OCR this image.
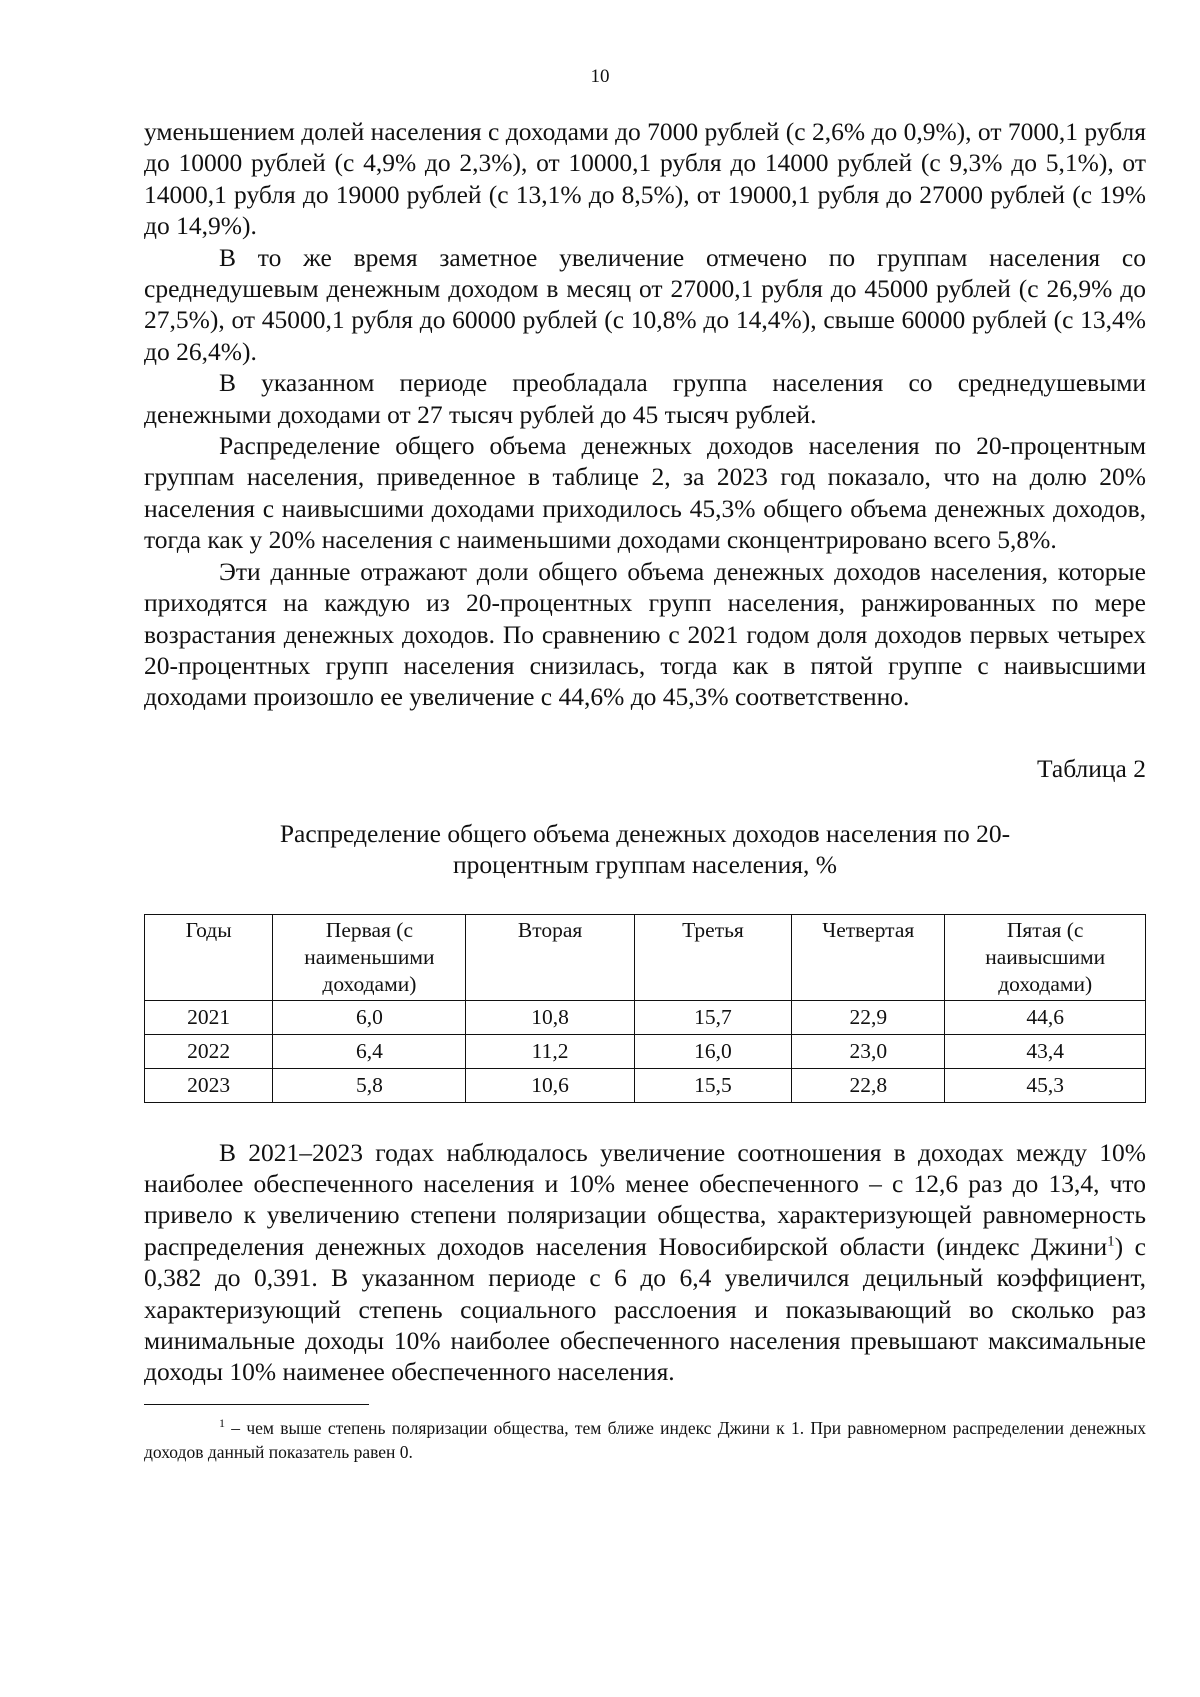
10

уменьшением долей населения с доходами до 7000 рублей (с 2,6% до 0,9%), от 7000,1 рубля до 10000 рублей (с 4,9% до 2,3%), от 10000,1 рубля до 14000 рублей (с 9,3% до 5,1%), от 14000,1 рубля до 19000 рублей (с 13,1% до 8,5%), от 19000,1 рубля до 27000 рублей (с 19% до 14,9%).

В то же время заметное увеличение отмечено по группам населения со среднедушевым денежным доходом в месяц от 27000,1 рубля до 45000 рублей (с 26,9% до 27,5%), от 45000,1 рубля до 60000 рублей (с 10,8% до 14,4%), свыше 60000 рублей (с 13,4% до 26,4%).

В указанном периоде преобладала группа населения со среднедушевыми денежными доходами от 27 тысяч рублей до 45 тысяч рублей.

Распределение общего объема денежных доходов населения по 20-процентным группам населения, приведенное в таблице 2, за 2023 год показало, что на долю 20% населения с наивысшими доходами приходилось 45,3% общего объема денежных доходов, тогда как у 20% населения с наименьшими доходами сконцентрировано всего 5,8%.

Эти данные отражают доли общего объема денежных доходов населения, которые приходятся на каждую из 20-процентных групп населения, ранжированных по мере возрастания денежных доходов. По сравнению с 2021 годом доля доходов первых четырех 20-процентных групп населения снизилась, тогда как в пятой группе с наивысшими доходами произошло ее увеличение с 44,6% до 45,3% соответственно.

Таблица 2
Распределение общего объема денежных доходов населения по 20-процентным группам населения, %
Годы	Первая (с наименьшими доходами)	Вторая	Третья	Четвертая	Пятая (с наивысшими доходами)
2021	6,0	10,8	15,7	22,9	44,6
2022	6,4	11,2	16,0	23,0	43,4
2023	5,8	10,6	15,5	22,8	45,3

В 2021–2023 годах наблюдалось увеличение соотношения в доходах между 10% наиболее обеспеченного населения и 10% менее обеспеченного – с 12,6 раз до 13,4, что привело к увеличению степени поляризации общества, характеризующей равномерность распределения денежных доходов населения Новосибирской области (индекс Джини$^1$) с 0,382 до 0,391. В указанном периоде с 6 до 6,4 увеличился децильный коэффициент, характеризующий степень социального расслоения и показывающий во сколько раз минимальные доходы 10% наиболее обеспеченного населения превышают максимальные доходы 10% наименее обеспеченного населения.

$^1$ – чем выше степень поляризации общества, тем ближе индекс Джини к 1. При равномерном распределении денежных доходов данный показатель равен 0.
